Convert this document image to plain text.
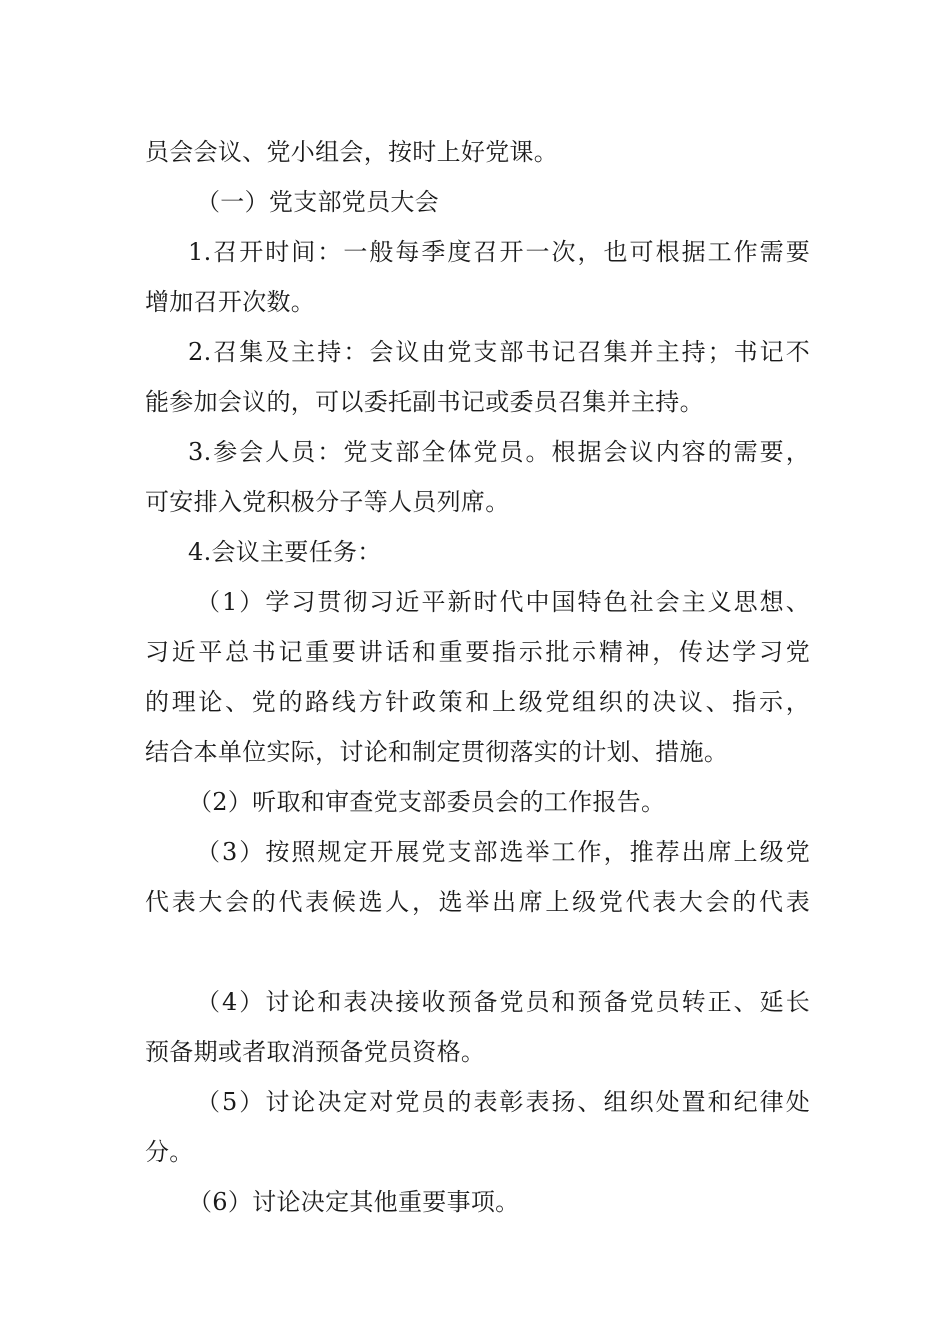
员会会议、党小组会，按时上好党课。
（一）党支部党员大会
1.召开时间：一般每季度召开一次，也可根据工作需要
增加召开次数。
2.召集及主持：会议由党支部书记召集并主持；书记不
能参加会议的，可以委托副书记或委员召集并主持。
3.参会人员：党支部全体党员。根据会议内容的需要，
可安排入党积极分子等人员列席。
4.会议主要任务：
（1）学习贯彻习近平新时代中国特色社会主义思想、
习近平总书记重要讲话和重要指示批示精神，传达学习党
的理论、党的路线方针政策和上级党组织的决议、指示，
结合本单位实际，讨论和制定贯彻落实的计划、措施。
（2）听取和审查党支部委员会的工作报告。
（3）按照规定开展党支部选举工作，推荐出席上级党
代表大会的代表候选人，选举出席上级党代表大会的代表
（4）讨论和表决接收预备党员和预备党员转正、延长
预备期或者取消预备党员资格。
（5）讨论决定对党员的表彰表扬、组织处置和纪律处
分。
（6）讨论决定其他重要事项。
